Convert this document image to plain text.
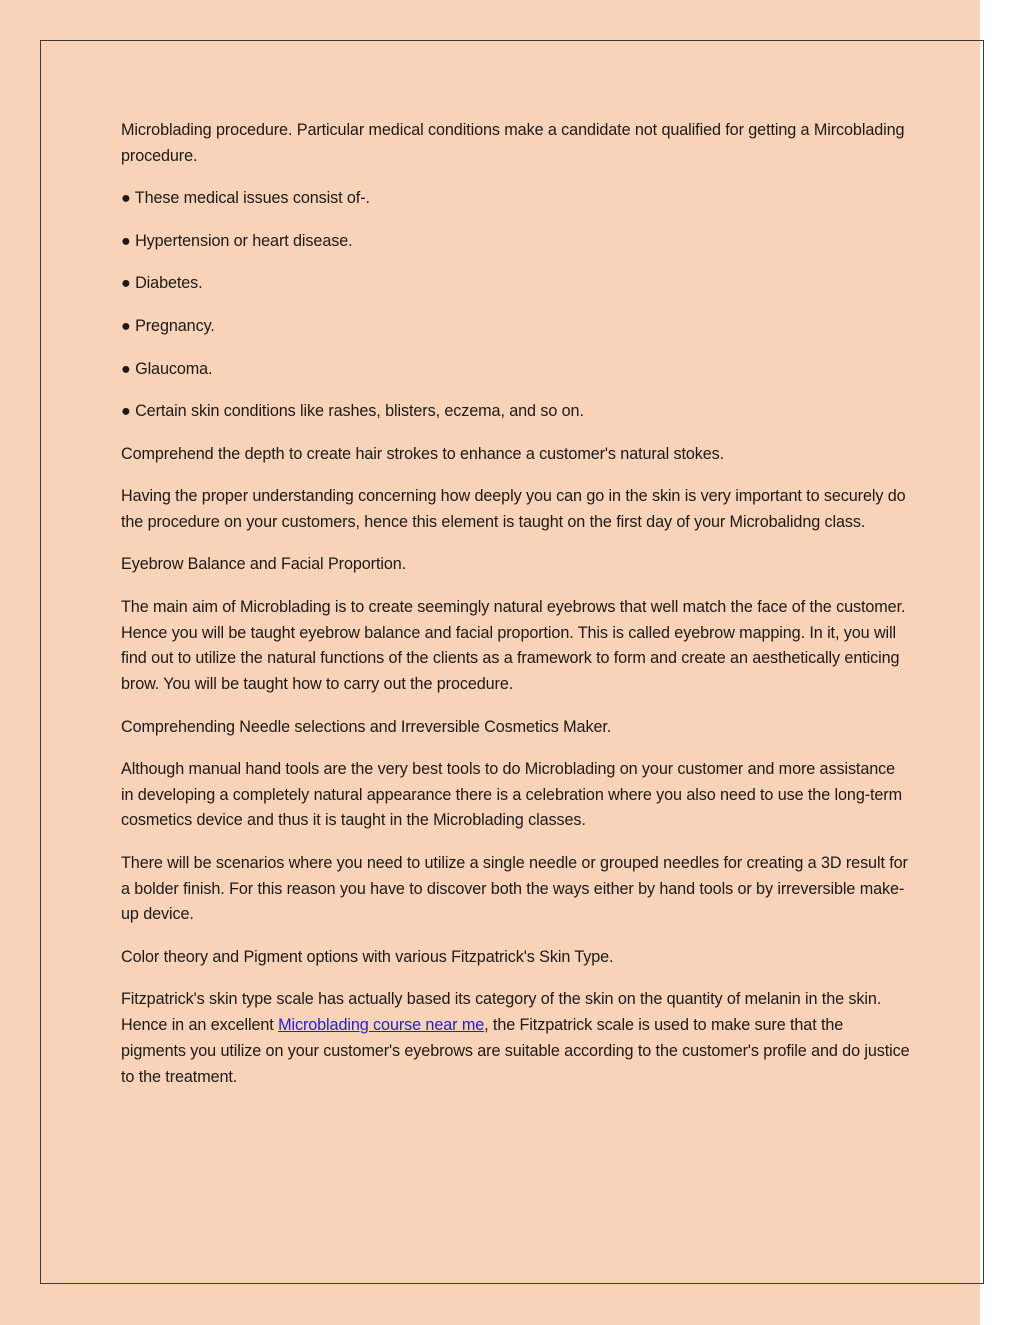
Microblading procedure. Particular medical conditions make a candidate not qualified for getting a Mircoblading procedure.

● These medical issues consist of-.

● Hypertension or heart disease.

● Diabetes.

● Pregnancy.

● Glaucoma.

● Certain skin conditions like rashes, blisters, eczema, and so on.

Comprehend the depth to create hair strokes to enhance a customer's natural stokes.

Having the proper understanding concerning how deeply you can go in the skin is very important to securely do the procedure on your customers, hence this element is taught on the first day of your Microbalidng class.

Eyebrow Balance and Facial Proportion.

The main aim of Microblading is to create seemingly natural eyebrows that well match the face of the customer. Hence you will be taught eyebrow balance and facial proportion. This is called eyebrow mapping. In it, you will find out to utilize the natural functions of the clients as a framework to form and create an aesthetically enticing brow. You will be taught how to carry out the procedure.

Comprehending Needle selections and Irreversible Cosmetics Maker.

Although manual hand tools are the very best tools to do Microblading on your customer and more assistance in developing a completely natural appearance there is a celebration where you also need to use the long-term cosmetics device and thus it is taught in the Microblading classes.

There will be scenarios where you need to utilize a single needle or grouped needles for creating a 3D result for a bolder finish. For this reason you have to discover both the ways either by hand tools or by irreversible make-up device.

Color theory and Pigment options with various Fitzpatrick's Skin Type.

Fitzpatrick's skin type scale has actually based its category of the skin on the quantity of melanin in the skin. Hence in an excellent Microblading course near me, the Fitzpatrick scale is used to make sure that the pigments you utilize on your customer's eyebrows are suitable according to the customer's profile and do justice to the treatment.
